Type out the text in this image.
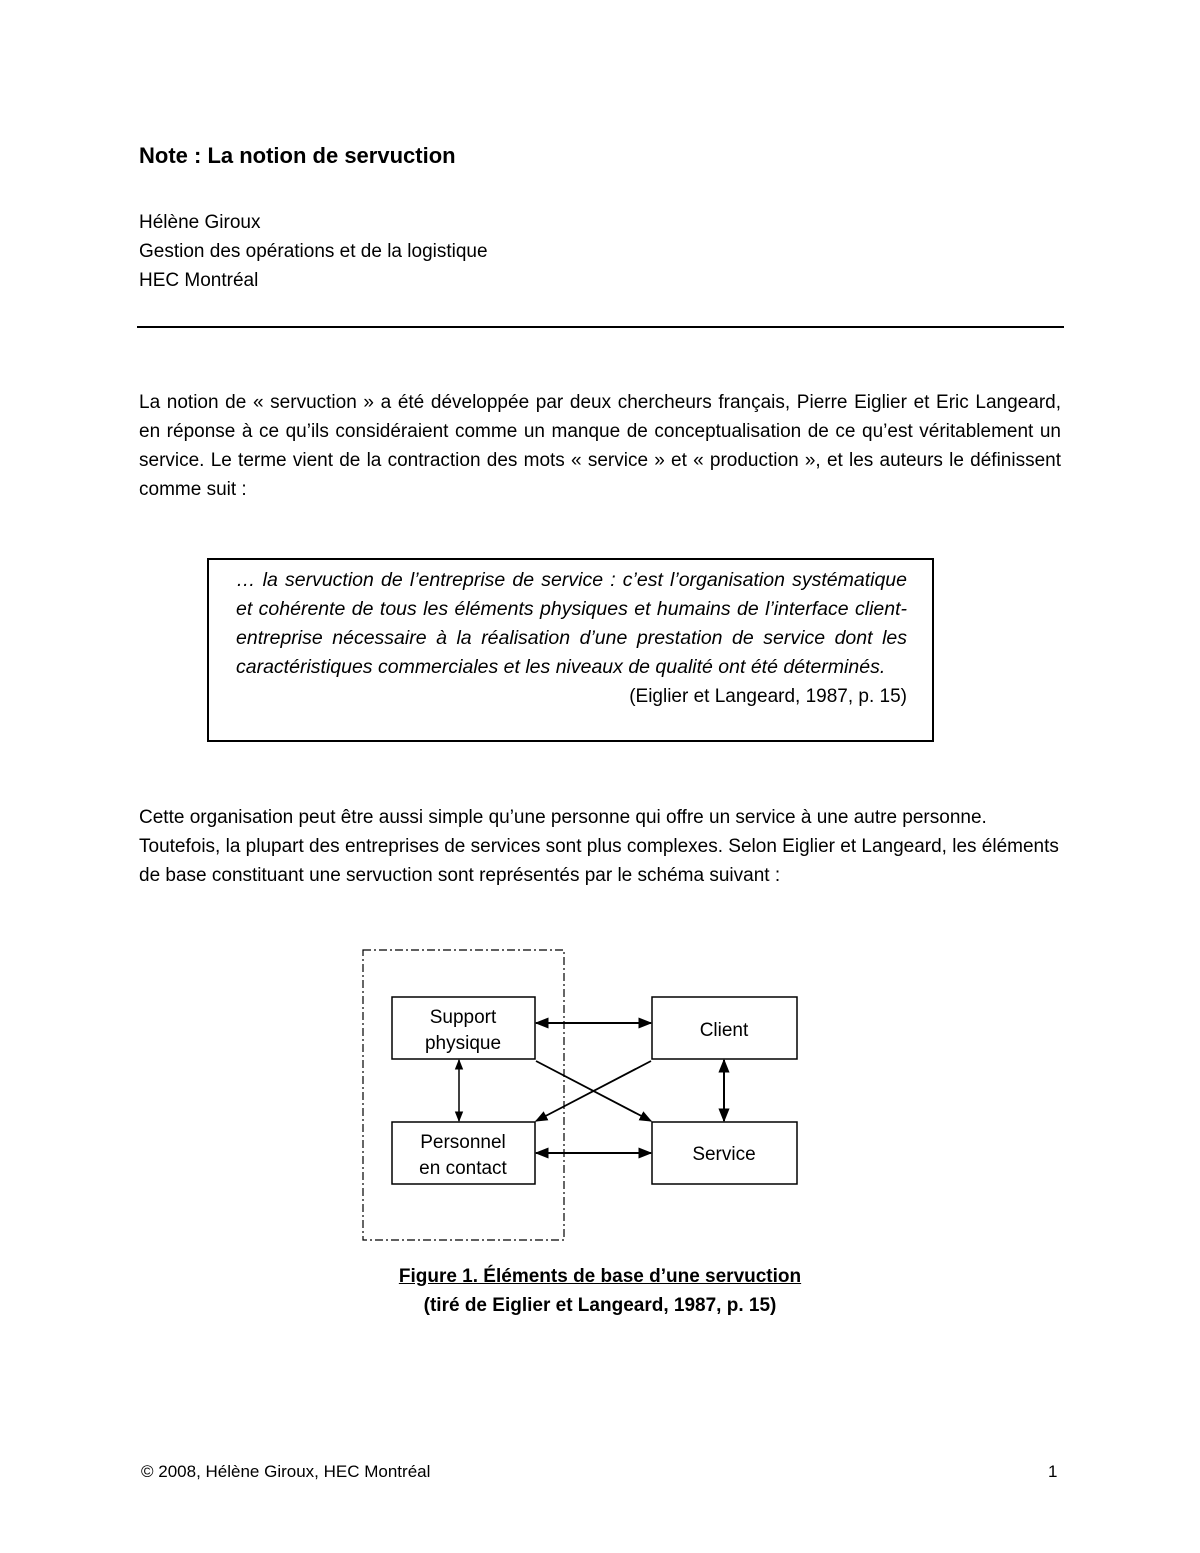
Note : La notion de servuction
Hélène Giroux
Gestion des opérations et de la logistique
HEC Montréal
La notion de « servuction » a été développée par deux chercheurs français, Pierre Eiglier et Eric Langeard, en réponse à ce qu’ils considéraient comme un manque de conceptualisation de ce qu’est véritablement un service. Le terme vient de la contraction des mots « service » et « production », et les auteurs le définissent comme suit :
… la servuction de l’entreprise de service : c’est l’organisation systématique et cohérente de tous les éléments physiques et humains de l’interface client-entreprise nécessaire à la réalisation d’une prestation de service dont les caractéristiques commerciales et les niveaux de qualité ont été déterminés.
(Eiglier et Langeard, 1987, p. 15)
Cette organisation peut être aussi simple qu’une personne qui offre un service à une autre personne. Toutefois, la plupart des entreprises de services sont plus complexes. Selon Eiglier et Langeard, les éléments de base constituant une servuction sont représentés par le schéma suivant :
Support
physique
Personnel
en contact
Client
Service
Figure 1. Éléments de base d’une servuction
(tiré de Eiglier et Langeard, 1987, p. 15)
© 2008, Hélène Giroux, HEC Montréal	1
